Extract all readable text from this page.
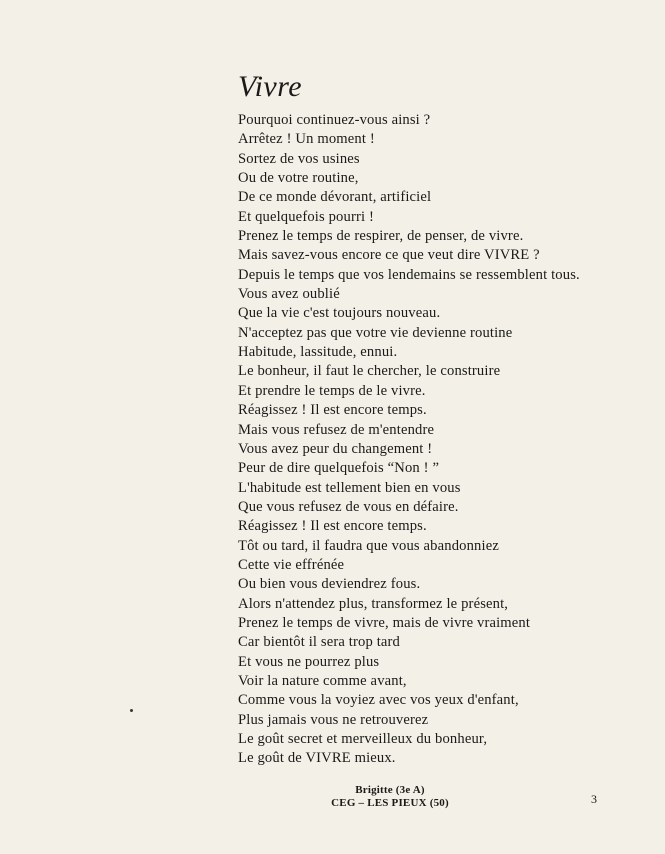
Vivre
Pourquoi continuez-vous ainsi ?
Arrêtez ! Un moment !
Sortez de vos usines
Ou de votre routine,
De ce monde dévorant, artificiel
Et quelquefois pourri !
Prenez le temps de respirer, de penser, de vivre.
Mais savez-vous encore ce que veut dire VIVRE ?
Depuis le temps que vos lendemains se ressemblent tous.
Vous avez oublié
Que la vie c'est toujours nouveau.
N'acceptez pas que votre vie devienne routine
Habitude, lassitude, ennui.
Le bonheur, il faut le chercher, le construire
Et prendre le temps de le vivre.
Réagissez ! Il est encore temps.
Mais vous refusez de m'entendre
Vous avez peur du changement !
Peur de dire quelquefois “Non ! ”
L'habitude est tellement bien en vous
Que vous refusez de vous en défaire.
Réagissez ! Il est encore temps.
Tôt ou tard, il faudra que vous abandonniez
Cette vie effrénée
Ou bien vous deviendrez fous.
Alors n'attendez plus, transformez le présent,
Prenez le temps de vivre, mais de vivre vraiment
Car bientôt il sera trop tard
Et vous ne pourrez plus
Voir la nature comme avant,
Comme vous la voyiez avec vos yeux d'enfant,
Plus jamais vous ne retrouverez
Le goût secret et merveilleux du bonheur,
Le goût de VIVRE mieux.
Brigitte (3e A)
CEG – LES PIEUX (50)	3
